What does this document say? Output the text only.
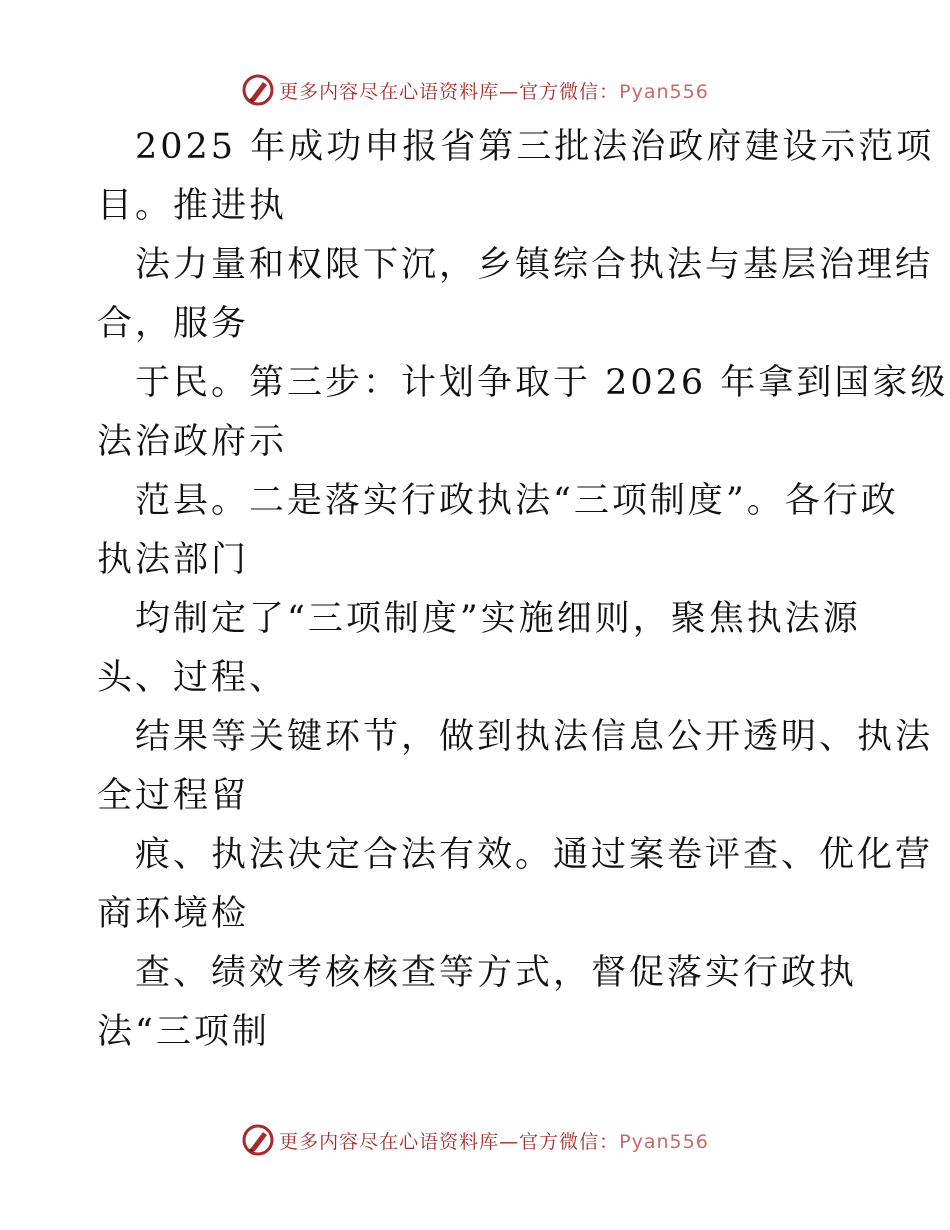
更多内容尽在心语资料库—官方微信：Pyan556
2025 年成功申报省第三批法治政府建设示范项
目。推进执
法力量和权限下沉，乡镇综合执法与基层治理结
合，服务
于民。第三步：计划争取于 2026 年拿到国家级
法治政府示
范县。二是落实行政执法“三项制度”。各行政
执法部门
均制定了“三项制度”实施细则，聚焦执法源
头、过程、
结果等关键环节，做到执法信息公开透明、执法
全过程留
痕、执法决定合法有效。通过案卷评查、优化营
商环境检
查、绩效考核核查等方式，督促落实行政执
法“三项制
更多内容尽在心语资料库—官方微信：Pyan556
